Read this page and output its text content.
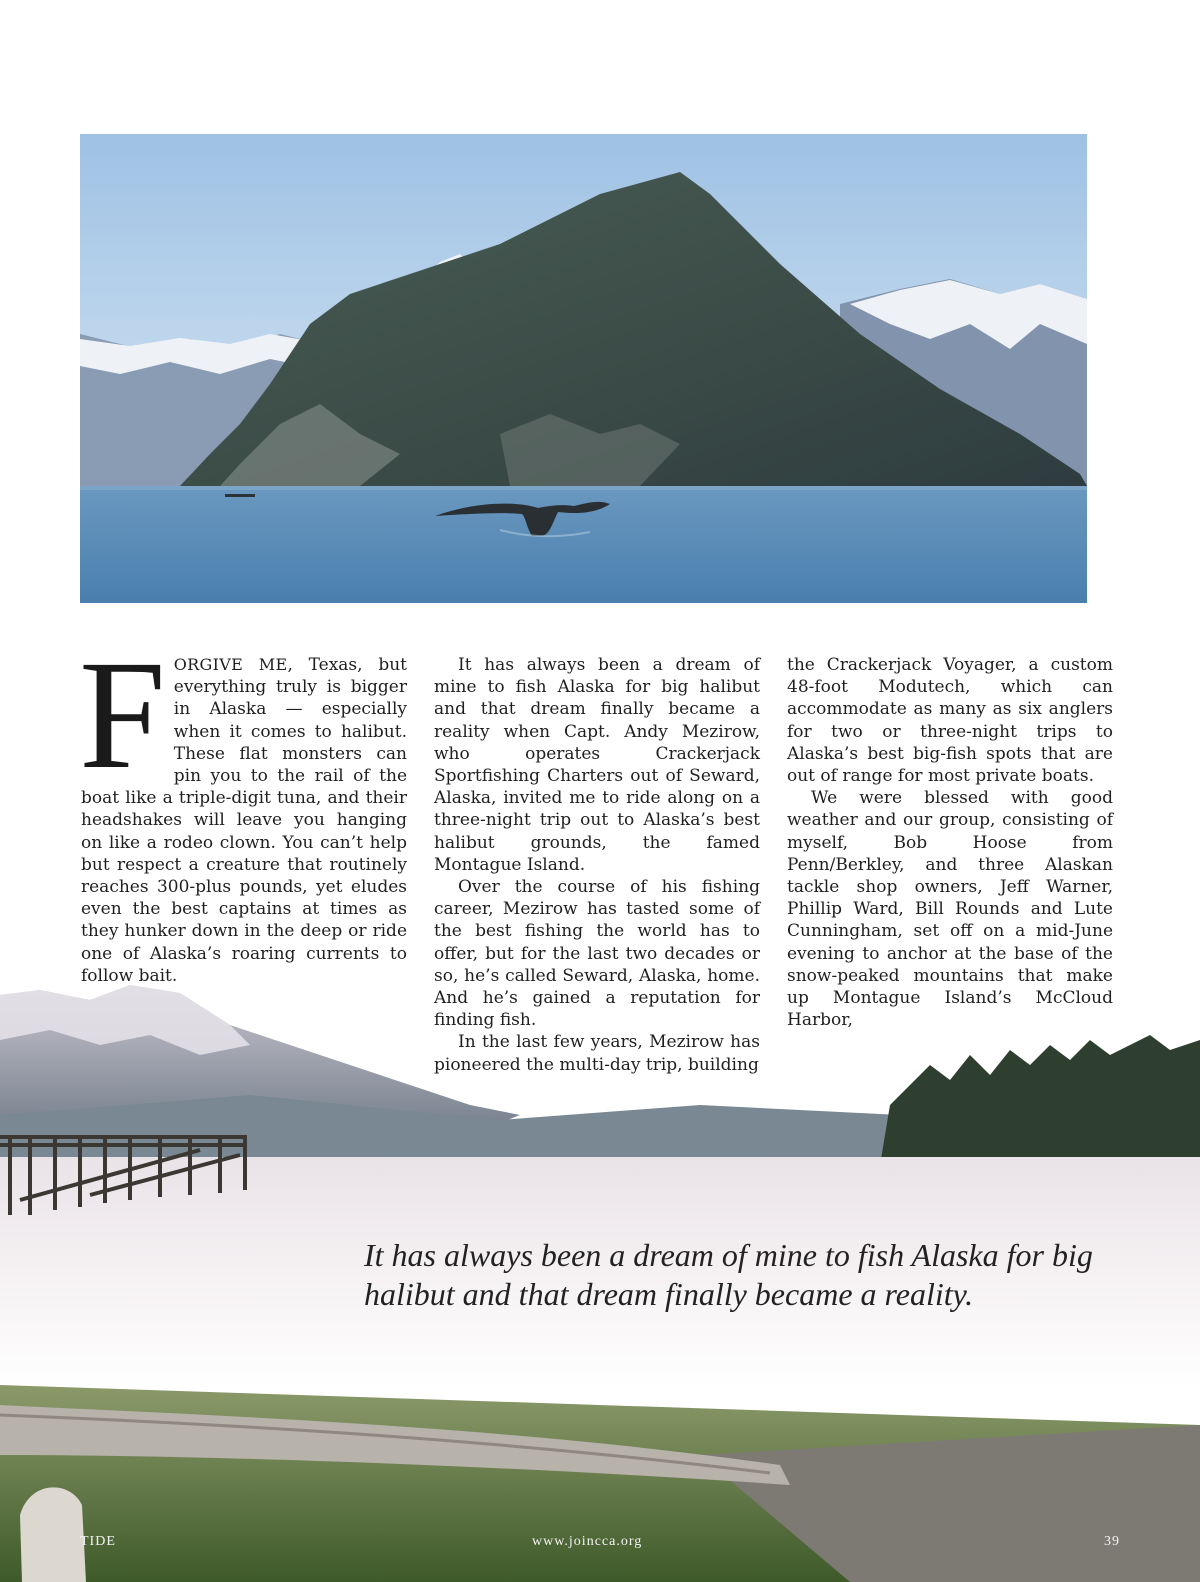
F ORGIVE ME, Texas, but everything truly is bigger in Alaska — especially when it comes to halibut. These flat monsters can pin you to the rail of the boat like a triple-digit tuna, and their headshakes will leave you hanging on like a rodeo clown. You can’t help but respect a creature that routinely reaches 300-plus pounds, yet eludes even the best captains at times as they hunker down in the deep or ride one of Alaska’s roaring currents to follow bait.

It has always been a dream of mine to fish Alaska for big halibut and that dream finally became a reality when Capt. Andy Mezirow, who operates Crackerjack Sportfishing Charters out of Seward, Alaska, invited me to ride along on a three-night trip out to Alaska’s best halibut grounds, the famed Montague Island.

Over the course of his fishing career, Mezirow has tasted some of the best fishing the world has to offer, but for the last two decades or so, he’s called Seward, Alaska, home. And he’s gained a reputation for finding fish.

In the last few years, Mezirow has pioneered the multi-day trip, building

the Crackerjack Voyager, a custom 48-foot Modutech, which can accommodate as many as six anglers for two or three-night trips to Alaska’s best big-fish spots that are out of range for most private boats.

We were blessed with good weather and our group, consisting of myself, Bob Hoose from Penn/Berkley, and three Alaskan tackle shop owners, Jeff Warner, Phillip Ward, Bill Rounds and Lute Cunningham, set off on a mid-June evening to anchor at the base of the snow-peaked mountains that make up Montague Island’s McCloud Harbor,

It has always been a dream of mine to fish Alaska for big halibut and that dream finally became a reality.
TIDE	www.joincca.org	39
